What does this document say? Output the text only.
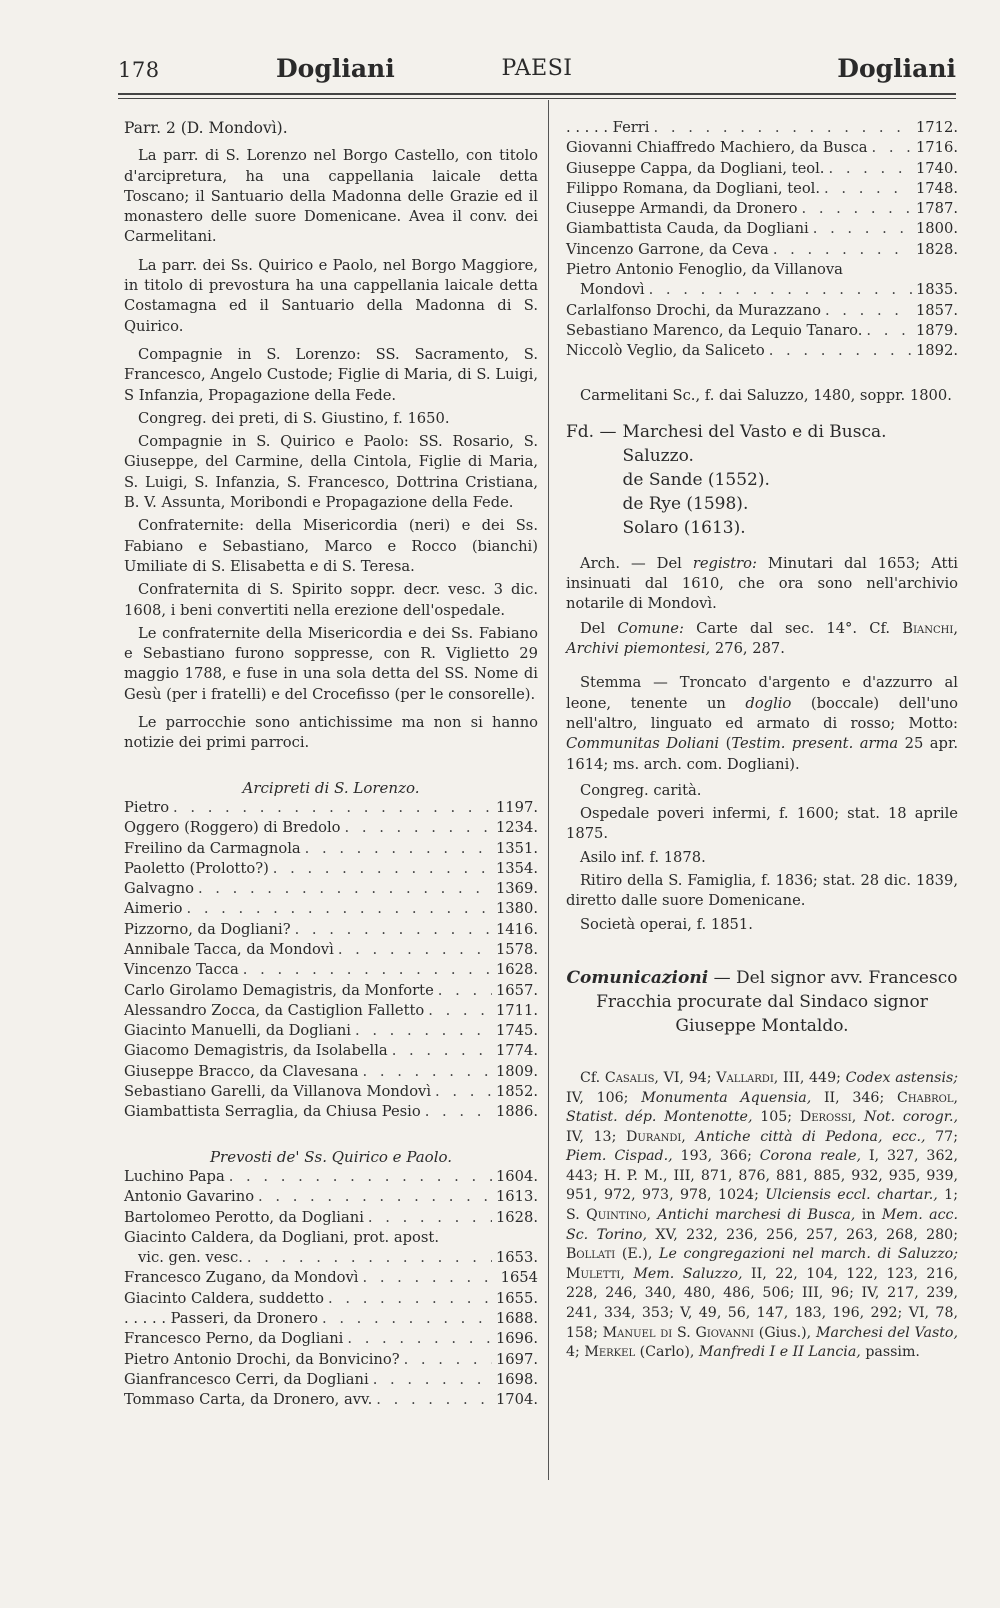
178	Dogliani	PAESI	Dogliani

Parr. 2 (D. Mondovì).

La parr. di S. Lorenzo nel Borgo Castello, con titolo d'arcipretura, ha una cappellania laicale detta Toscano; il Santuario della Madonna delle Grazie ed il monastero delle suore Domenicane. Avea il conv. dei Carmelitani.

La parr. dei Ss. Quirico e Paolo, nel Borgo Maggiore, in titolo di prevostura ha una cappellania laicale detta Costamagna ed il Santuario della Madonna di S. Quirico.

Compagnie in S. Lorenzo: SS. Sacramento, S. Francesco, Angelo Custode; Figlie di Maria, di S. Luigi, S Infanzia, Propagazione della Fede.

Congreg. dei preti, di S. Giustino, f. 1650.

Compagnie in S. Quirico e Paolo: SS. Rosario, S. Giuseppe, del Carmine, della Cintola, Figlie di Maria, S. Luigi, S. Infanzia, S. Francesco, Dottrina Cristiana, B. V. Assunta, Moribondi e Propagazione della Fede.

Confraternite: della Misericordia (neri) e dei Ss. Fabiano e Sebastiano, Marco e Rocco (bianchi) Umiliate di S. Elisabetta e di S. Teresa.

Confraternita di S. Spirito soppr. decr. vesc. 3 dic. 1608, i beni convertiti nella erezione dell'ospedale.

Le confraternite della Misericordia e dei Ss. Fabiano e Sebastiano furono soppresse, con R. Viglietto 29 maggio 1788, e fuse in una sola detta del SS. Nome di Gesù (per i fratelli) e del Crocefisso (per le consorelle).

Le parrocchie sono antichissime ma non si hanno notizie dei primi parroci.

Arcipreti di S. Lorenzo.

Pietro . . .	1197.
Oggero (Roggero) di Bredolo . . .	1234.
Freilino da Carmagnola . . .	1351.
Paoletto (Prolotto?) . . .	1354.
Galvagno . . .	1369.
Aimerio . . .	1380.
Pizzorno, da Dogliani? . . .	1416.
Annibale Tacca, da Mondovì . . .	1578.
Vincenzo Tacca . . .	1628.
Carlo Girolamo Demagistris, da Monforte . . .	1657.
Alessandro Zocca, da Castiglion Falletto . . .	1711.
Giacinto Manuelli, da Dogliani . . .	1745.
Giacomo Demagistris, da Isolabella . . .	1774.
Giuseppe Bracco, da Clavesana . . .	1809.
Sebastiano Garelli, da Villanova Mondovì . . .	1852.
Giambattista Serraglia, da Chiusa Pesio . . .	1886.

Prevosti de' Ss. Quirico e Paolo.

Luchino Papa . . .	1604.
Antonio Gavarino . . .	1613.
Bartolomeo Perotto, da Dogliani . . .	1628.
Giacinto Caldera, da Dogliani, prot. apost.
vic. gen. vesc. . . .	1653.
Francesco Zugano, da Mondovì . . .	1654
Giacinto Caldera, suddetto . . .	1655.
. . . . . Passeri, da Dronero . . .	1688.
Francesco Perno, da Dogliani . . .	1696.
Pietro Antonio Drochi, da Bonvicino? . . .	1697.
Gianfrancesco Cerri, da Dogliani . . .	1698.
Tommaso Carta, da Dronero, avv. . . .	1704.
. . . . . Ferri . . .	1712.
Giovanni Chiaffredo Machiero, da Busca . . .	1716.
Giuseppe Cappa, da Dogliani, teol. . . .	1740.
Filippo Romana, da Dogliani, teol. . . .	1748.
Ciuseppe Armandi, da Dronero . . .	1787.
Giambattista Cauda, da Dogliani . . .	1800.
Vincenzo Garrone, da Ceva . . .	1828.
Pietro Antonio Fenoglio, da Villanova
Mondovì . . .	1835.
Carlalfonso Drochi, da Murazzano . . .	1857.
Sebastiano Marenco, da Lequio Tanaro. . . .	1879.
Niccolò Veglio, da Saliceto . . .	1892.

Carmelitani Sc., f. dai Saluzzo, 1480, soppr. 1800.

Fd. — Marchesi del Vasto e di Busca.
Saluzzo.
de Sande (1552).
de Rye (1598).
Solaro (1613).

Arch. — Del registro: Minutari dal 1653; Atti insinuati dal 1610, che ora sono nell'archivio notarile di Mondovì.

Del Comune: Carte dal sec. 14°. Cf. Bianchi, Archivi piemontesi, 276, 287.

Stemma — Troncato d'argento e d'azzurro al leone, tenente un doglio (boccale) dell'uno nell'altro, linguato ed armato di rosso; Motto: Communitas Doliani (Testim. present. arma 25 apr. 1614; ms. arch. com. Dogliani).

Congreg. carità.

Ospedale poveri infermi, f. 1600; stat. 18 aprile 1875.

Asilo inf. f. 1878.

Ritiro della S. Famiglia, f. 1836; stat. 28 dic. 1839, diretto dalle suore Domenicane.

Società operai, f. 1851.

Comunicazioni — Del signor avv. Francesco Fracchia procurate dal Sindaco signor Giuseppe Montaldo.

Cf. Casalis, VI, 94; Vallardi, III, 449; Codex astensis; IV, 106; Monumenta Aquensia, II, 346; Chabrol, Statist. dép. Montenotte, 105; Derossi, Not. corogr., IV, 13; Durandi, Antiche città di Pedona, ecc., 77; Piem. Cispad., 193, 366; Corona reale, I, 327, 362, 443; H. P. M., III, 871, 876, 881, 885, 932, 935, 939, 951, 972, 973, 978, 1024; Ulciensis eccl. chartar., 1; S. Quintino, Antichi marchesi di Busca, in Mem. acc. Sc. Torino, XV, 232, 236, 256, 257, 263, 268, 280; Bollati (E.), Le congregazioni nel march. di Saluzzo; Muletti, Mem. Saluzzo, II, 22, 104, 122, 123, 216, 228, 246, 340, 480, 486, 506; III, 96; IV, 217, 239, 241, 334, 353; V, 49, 56, 147, 183, 196, 292; VI, 78, 158; Manuel di S. Giovanni (Gius.), Marchesi del Vasto, 4; Merkel (Carlo), Manfredi I e II Lancia, passim.
